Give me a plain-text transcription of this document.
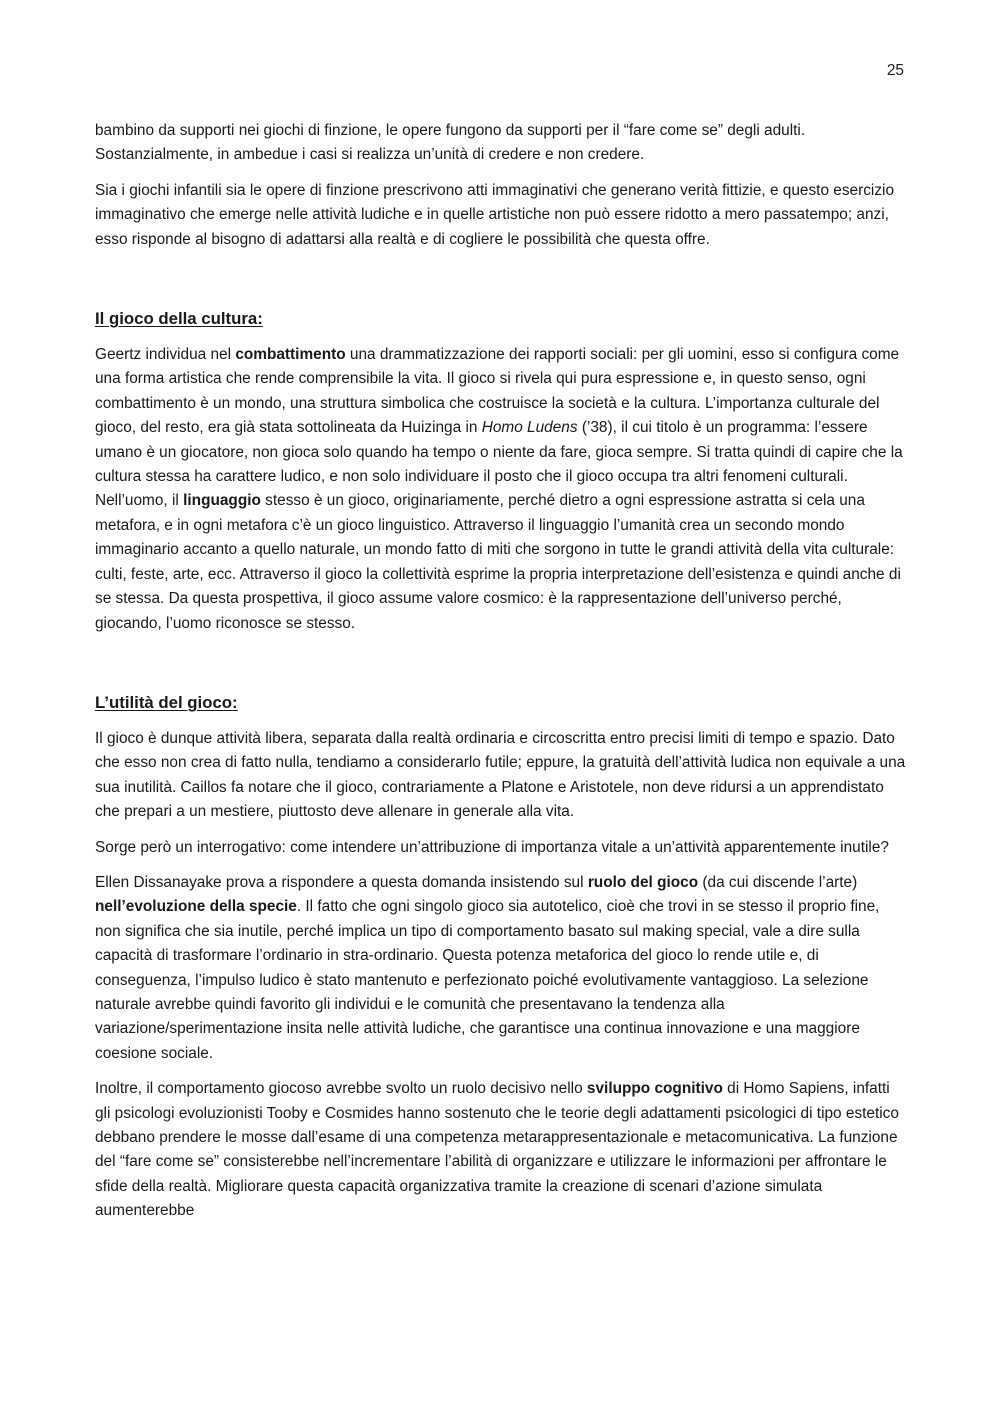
25

bambino da supporti nei giochi di finzione, le opere fungono da supporti per il “fare come se” degli adulti. Sostanzialmente, in ambedue i casi si realizza un’unità di credere e non credere.

Sia i giochi infantili sia le opere di finzione prescrivono atti immaginativi che generano verità fittizie, e questo esercizio immaginativo che emerge nelle attività ludiche e in quelle artistiche non può essere ridotto a mero passatempo; anzi, esso risponde al bisogno di adattarsi alla realtà e di cogliere le possibilità che questa offre.

Il gioco della cultura:

Geertz individua nel combattimento una drammatizzazione dei rapporti sociali: per gli uomini, esso si configura come una forma artistica che rende comprensibile la vita. Il gioco si rivela qui pura espressione e, in questo senso, ogni combattimento è un mondo, una struttura simbolica che costruisce la società e la cultura. L’importanza culturale del gioco, del resto, era già stata sottolineata da Huizinga in Homo Ludens (’38), il cui titolo è un programma: l’essere umano è un giocatore, non gioca solo quando ha tempo o niente da fare, gioca sempre. Si tratta quindi di capire che la cultura stessa ha carattere ludico, e non solo individuare il posto che il gioco occupa tra altri fenomeni culturali. Nell’uomo, il linguaggio stesso è un gioco, originariamente, perché dietro a ogni espressione astratta si cela una metafora, e in ogni metafora c’è un gioco linguistico. Attraverso il linguaggio l’umanità crea un secondo mondo immaginario accanto a quello naturale, un mondo fatto di miti che sorgono in tutte le grandi attività della vita culturale: culti, feste, arte, ecc. Attraverso il gioco la collettività esprime la propria interpretazione dell’esistenza e quindi anche di se stessa. Da questa prospettiva, il gioco assume valore cosmico: è la rappresentazione dell’universo perché, giocando, l’uomo riconosce se stesso.

L’utilità del gioco:

Il gioco è dunque attività libera, separata dalla realtà ordinaria e circoscritta entro precisi limiti di tempo e spazio. Dato che esso non crea di fatto nulla, tendiamo a considerarlo futile; eppure, la gratuità dell’attività ludica non equivale a una sua inutilità. Caillos fa notare che il gioco, contrariamente a Platone e Aristotele, non deve ridursi a un apprendistato che prepari a un mestiere, piuttosto deve allenare in generale alla vita.

Sorge però un interrogativo: come intendere un’attribuzione di importanza vitale a un’attività apparentemente inutile?

Ellen Dissanayake prova a rispondere a questa domanda insistendo sul ruolo del gioco (da cui discende l’arte) nell’evoluzione della specie. Il fatto che ogni singolo gioco sia autotelico, cioè che trovi in se stesso il proprio fine, non significa che sia inutile, perché implica un tipo di comportamento basato sul making special, vale a dire sulla capacità di trasformare l’ordinario in stra-ordinario. Questa potenza metaforica del gioco lo rende utile e, di conseguenza, l’impulso ludico è stato mantenuto e perfezionato poiché evolutivamente vantaggioso. La selezione naturale avrebbe quindi favorito gli individui e le comunità che presentavano la tendenza alla variazione/sperimentazione insita nelle attività ludiche, che garantisce una continua innovazione e una maggiore coesione sociale.

Inoltre, il comportamento giocoso avrebbe svolto un ruolo decisivo nello sviluppo cognitivo di Homo Sapiens, infatti gli psicologi evoluzionisti Tooby e Cosmides hanno sostenuto che le teorie degli adattamenti psicologici di tipo estetico debbano prendere le mosse dall’esame di una competenza metarappresentazionale e metacomunicativa. La funzione del “fare come se” consisterebbe nell’incrementare l’abilità di organizzare e utilizzare le informazioni per affrontare le sfide della realtà. Migliorare questa capacità organizzativa tramite la creazione di scenari d’azione simulata aumenterebbe
